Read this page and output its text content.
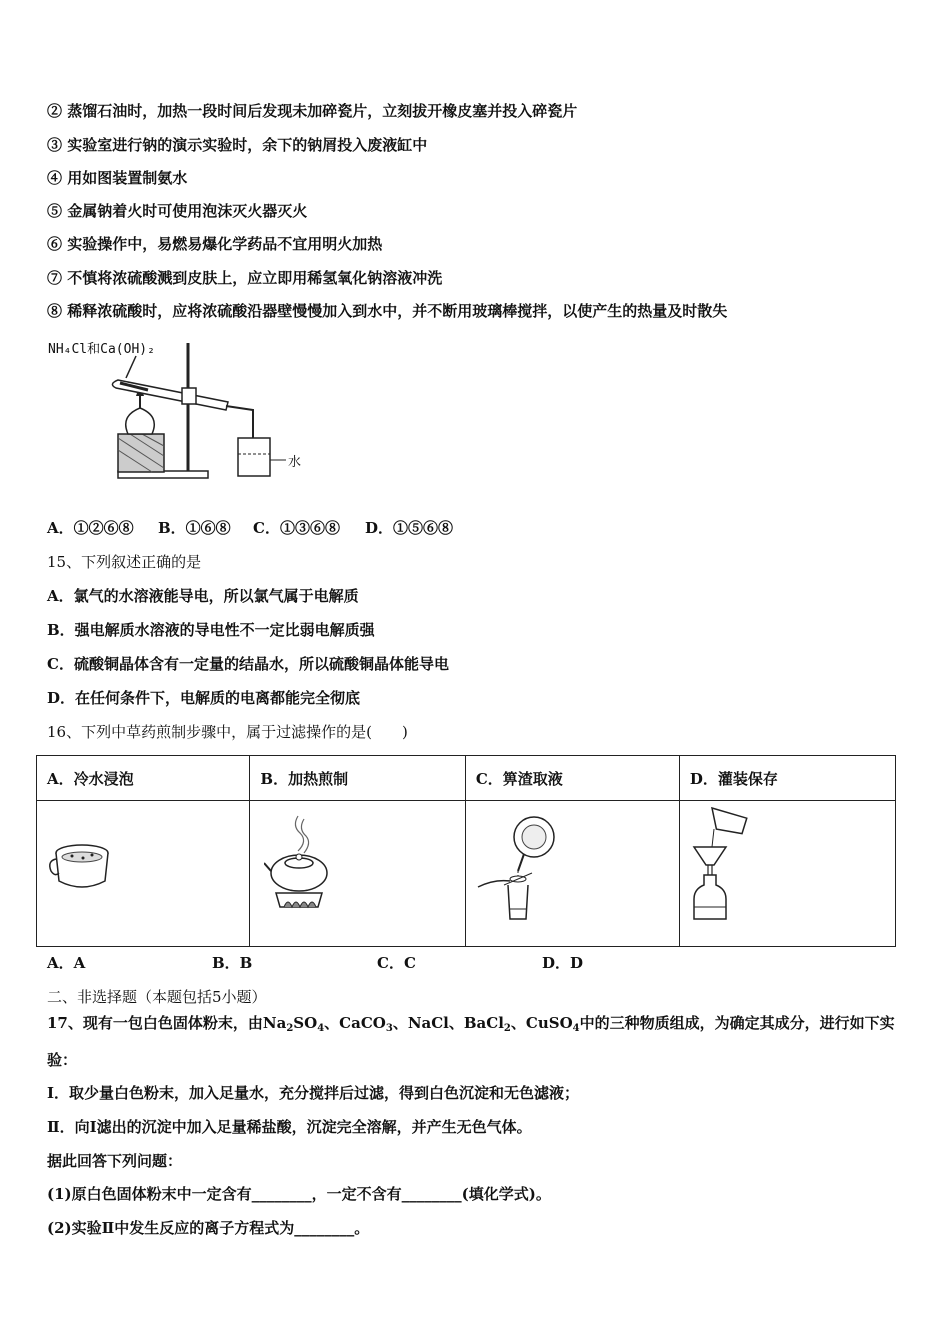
② 蒸馏石油时，加热一段时间后发现未加碎瓷片，立刻拔开橡皮塞并投入碎瓷片
③ 实验室进行钠的演示实验时，余下的钠屑投入废液缸中
④ 用如图装置制氨水
⑤ 金属钠着火时可使用泡沫灭火器灭火
⑥ 实验操作中，易燃易爆化学药品不宜用明火加热
⑦ 不慎将浓硫酸溅到皮肤上，应立即用稀氢氧化钠溶液冲洗
⑧ 稀释浓硫酸时，应将浓硫酸沿器壁慢慢加入到水中，并不断用玻璃棒搅拌，以使产生的热量及时散失
NH₄Cl和Ca(OH)₂
水
A．①②⑥⑧ B．①⑥⑧ C．①③⑥⑧ D．①⑤⑥⑧
15、下列叙述正确的是
A．氯气的水溶液能导电，所以氯气属于电解质
B．强电解质水溶液的导电性不一定比弱电解质强
C．硫酸铜晶体含有一定量的结晶水，所以硫酸铜晶体能导电
D．在任何条件下，电解质的电离都能完全彻底
16、下列中草药煎制步骤中，属于过滤操作的是(　　)
A．冷水浸泡	B．加热煎制	C．箅渣取液	D．灌装保存

A．A	B．B	C．C	D．D
二、非选择题（本题包括5小题）
17、现有一包白色固体粉末，由$Na_2SO_4$、CaCO$_3$、NaCl、BaCl$_2$、CuSO$_4$中的三种物质组成，为确定其成分，进行如下实
验：
Ⅰ．取少量白色粉末，加入足量水，充分搅拌后过滤，得到白色沉淀和无色滤液；
Ⅱ．向Ⅰ滤出的沉淀中加入足量稀盐酸，沉淀完全溶解，并产生无色气体。
据此回答下列问题：
(1)原白色固体粉末中一定含有________，一定不含有________(填化学式)。
(2)实验Ⅱ中发生反应的离子方程式为________。
